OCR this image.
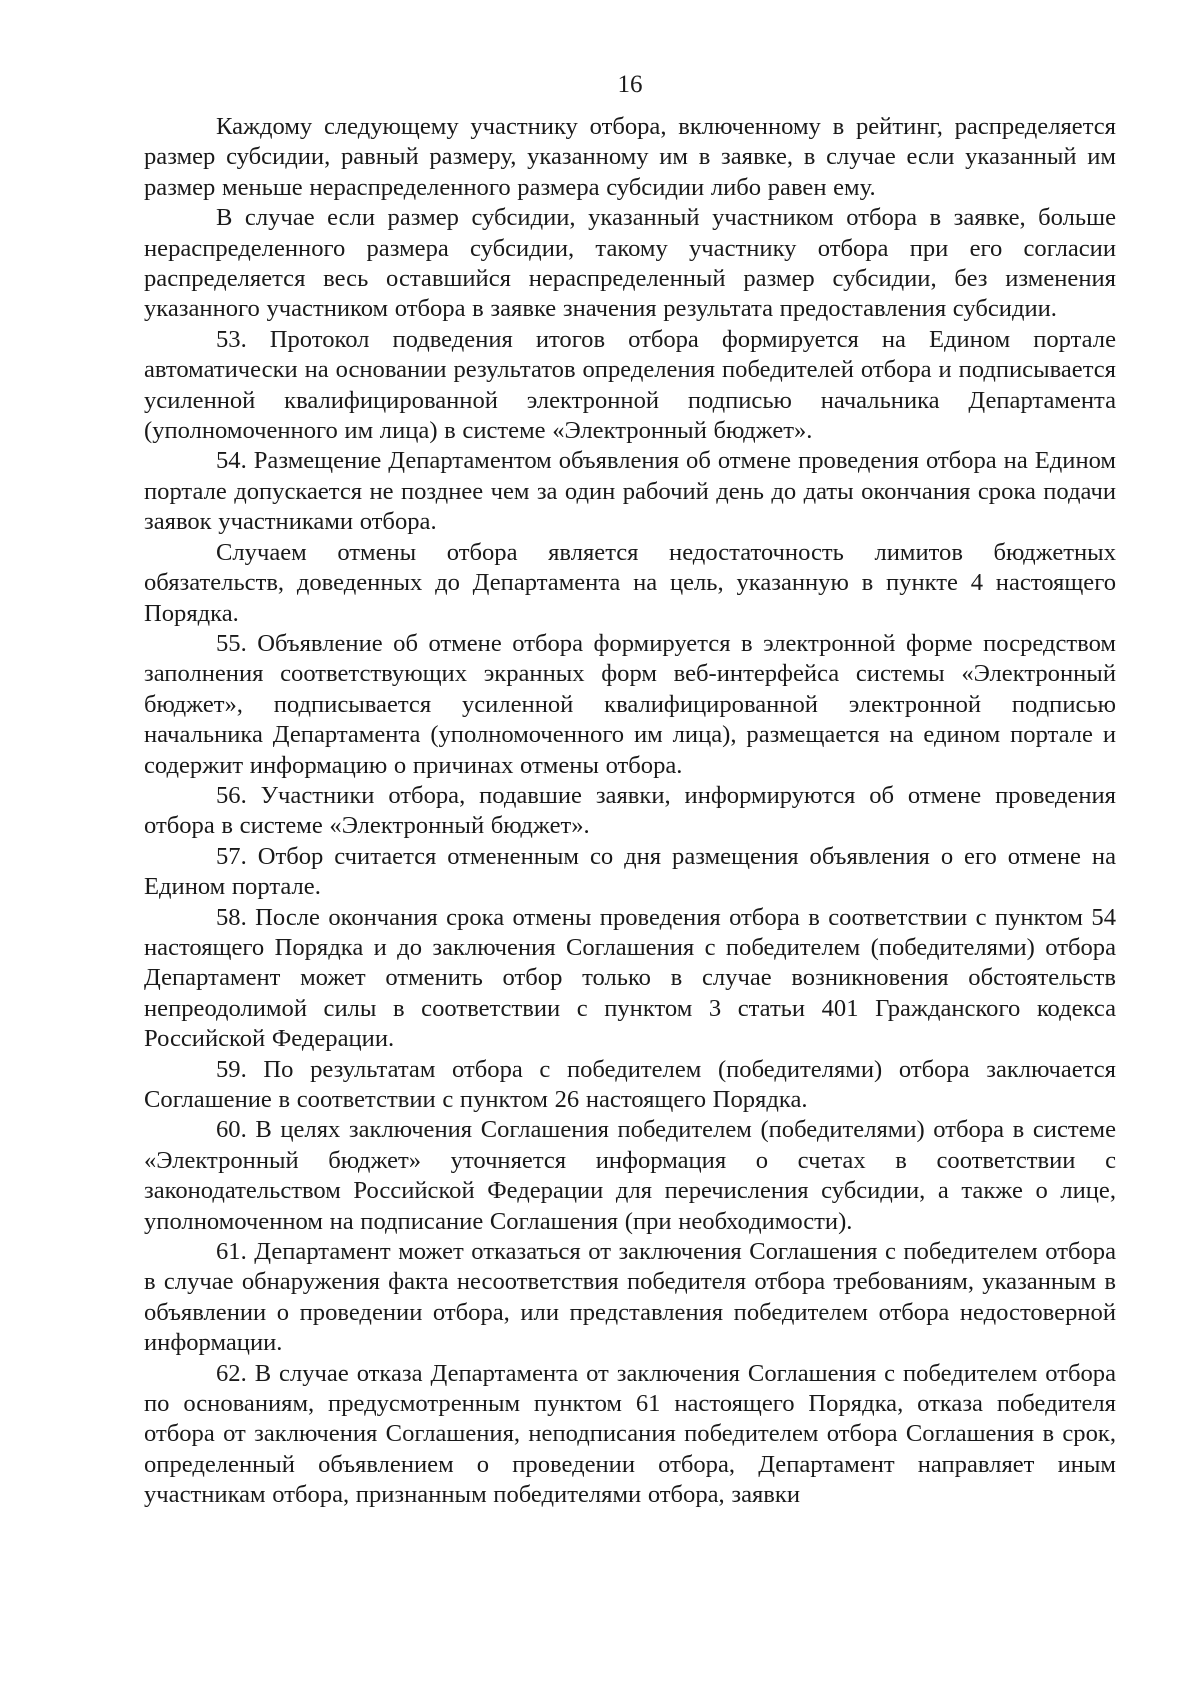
16

Каждому следующему участнику отбора, включенному в рейтинг, распределяется размер субсидии, равный размеру, указанному им в заявке, в случае если указанный им размер меньше нераспределенного размера субсидии либо равен ему.

В случае если размер субсидии, указанный участником отбора в заявке, больше нераспределенного размера субсидии, такому участнику отбора при его согласии распределяется весь оставшийся нераспределенный размер субсидии, без изменения указанного участником отбора в заявке значения результата предоставления субсидии.

53. Протокол подведения итогов отбора формируется на Едином портале автоматически на основании результатов определения победителей отбора и подписывается усиленной квалифицированной электронной подписью начальника Департамента (уполномоченного им лица) в системе «Электронный бюджет».

54. Размещение Департаментом объявления об отмене проведения отбора на Едином портале допускается не позднее чем за один рабочий день до даты окончания срока подачи заявок участниками отбора.

Случаем отмены отбора является недостаточность лимитов бюджетных обязательств, доведенных до Департамента на цель, указанную в пункте 4 настоящего Порядка.

55. Объявление об отмене отбора формируется в электронной форме посредством заполнения соответствующих экранных форм веб-интерфейса системы «Электронный бюджет», подписывается усиленной квалифицированной электронной подписью начальника Департамента (уполномоченного им лица), размещается на едином портале и содержит информацию о причинах отмены отбора.

56. Участники отбора, подавшие заявки, информируются об отмене проведения отбора в системе «Электронный бюджет».

57. Отбор считается отмененным со дня размещения объявления о его отмене на Едином портале.

58. После окончания срока отмены проведения отбора в соответствии с пунктом 54 настоящего Порядка и до заключения Соглашения с победителем (победителями) отбора Департамент может отменить отбор только в случае возникновения обстоятельств непреодолимой силы в соответствии с пунктом 3 статьи 401 Гражданского кодекса Российской Федерации.

59. По результатам отбора с победителем (победителями) отбора заключается Соглашение в соответствии с пунктом 26 настоящего Порядка.

60. В целях заключения Соглашения победителем (победителями) отбора в системе «Электронный бюджет» уточняется информация о счетах в соответствии с законодательством Российской Федерации для перечисления субсидии, а также о лице, уполномоченном на подписание Соглашения (при необходимости).

61. Департамент может отказаться от заключения Соглашения с победителем отбора в случае обнаружения факта несоответствия победителя отбора требованиям, указанным в объявлении о проведении отбора, или представления победителем отбора недостоверной информации.

62. В случае отказа Департамента от заключения Соглашения с победителем отбора по основаниям, предусмотренным пунктом 61 настоящего Порядка, отказа победителя отбора от заключения Соглашения, неподписания победителем отбора Соглашения в срок, определенный объявлением о проведении отбора, Департамент направляет иным участникам отбора, признанным победителями отбора, заявки
